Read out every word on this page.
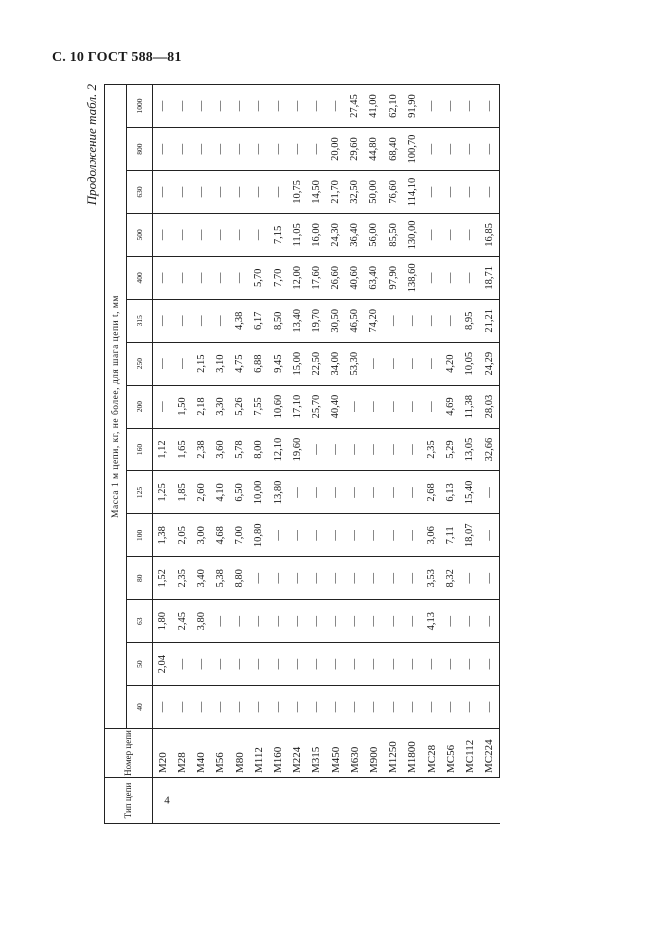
С. 10 ГОСТ 588—81
Продолжение табл. 2
Тип цепи	Номер цепи	Масса 1 м цепи, кг, не более, для шага цепи t, мм														
		40	50	63	80	100	125	160	200	250	315	400	500	630	800	1000
4	М20	—	2,04	1,80	1,52	1,38	1,25	1,12	—	—	—	—	—	—	—	—
	М28	—	—	2,45	2,35	2,05	1,85	1,65	1,50	—	—	—	—	—	—	—
	М40	—	—	3,80	3,40	3,00	2,60	2,38	2,18	2,15	—	—	—	—	—	—
	М56	—	—	—	5,38	4,68	4,10	3,60	3,30	3,10	—	—	—	—	—	—
	М80	—	—	—	8,80	7,00	6,50	5,78	5,26	4,75	4,38	—	—	—	—	—
	М112	—	—	—	—	10,80	10,00	8,00	7,55	6,88	6,17	5,70	—	—	—	—
	М160	—	—	—	—	—	13,80	12,10	10,60	9,45	8,50	7,70	7,15	—	—	—
	М224	—	—	—	—	—	—	19,60	17,10	15,00	13,40	12,00	11,05	10,75	—	—
	М315	—	—	—	—	—	—	—	25,70	22,50	19,70	17,60	16,00	14,50	—	—
	М450	—	—	—	—	—	—	—	40,40	34,00	30,50	26,60	24,30	21,70	20,00	—
	М630	—	—	—	—	—	—	—	—	53,30	46,50	40,60	36,40	32,50	29,60	27,45
	М900	—	—	—	—	—	—	—	—	—	74,20	63,40	56,00	50,00	44,80	41,00
	М1250	—	—	—	—	—	—	—	—	—	—	97,90	85,50	76,60	68,40	62,10
	М1800	—	—	—	—	—	—	—	—	—	—	138,60	130,00	114,10	100,70	91,90
	МС28	—	—	4,13	3,53	3,06	2,68	2,35	—	—	—	—	—	—	—	—
	МС56	—	—	—	8,32	7,11	6,13	5,29	4,69	4,20	—	—	—	—	—	—
	МС112	—	—	—	—	18,07	15,40	13,05	11,38	10,05	8,95	—	—	—	—	—
	МС224	—	—	—	—	—	—	32,66	28,03	24,29	21,21	18,71	16,85	—	—	—
